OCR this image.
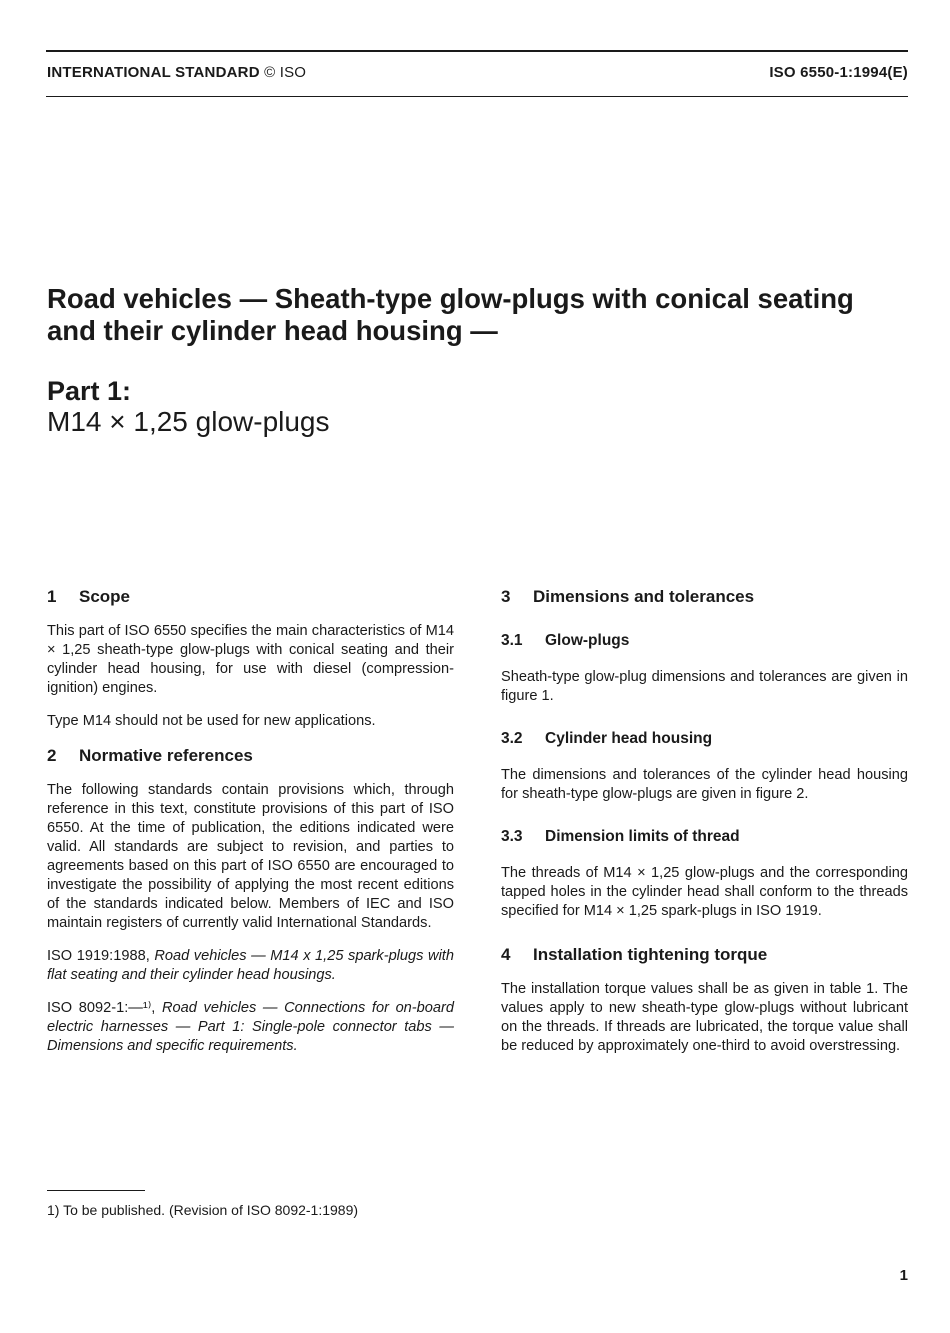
INTERNATIONAL STANDARD © ISO	ISO 6550-1:1994(E)
Road vehicles — Sheath-type glow-plugs with conical seating and their cylinder head housing —
Part 1:
M14 × 1,25 glow-plugs
1 Scope

This part of ISO 6550 specifies the main characteristics of M14 × 1,25 sheath-type glow-plugs with conical seating and their cylinder head housing, for use with diesel (compression-ignition) engines.

Type M14 should not be used for new applications.

2 Normative references

The following standards contain provisions which, through reference in this text, constitute provisions of this part of ISO 6550. At the time of publication, the editions indicated were valid. All standards are subject to revision, and parties to agreements based on this part of ISO 6550 are encouraged to investigate the possibility of applying the most recent editions of the standards indicated below. Members of IEC and ISO maintain registers of currently valid International Standards.

ISO 1919:1988, Road vehicles — M14 x 1,25 spark-plugs with flat seating and their cylinder head housings.

ISO 8092-1:—¹⁾, Road vehicles — Connections for on-board electric harnesses — Part 1: Single-pole connector tabs — Dimensions and specific requirements.

3 Dimensions and tolerances
3.1 Glow-plugs

Sheath-type glow-plug dimensions and tolerances are given in figure 1.

3.2 Cylinder head housing

The dimensions and tolerances of the cylinder head housing for sheath-type glow-plugs are given in figure 2.

3.3 Dimension limits of thread

The threads of M14 × 1,25 glow-plugs and the corresponding tapped holes in the cylinder head shall conform to the threads specified for M14 × 1,25 spark-plugs in ISO 1919.

4 Installation tightening torque

The installation torque values shall be as given in table 1. The values apply to new sheath-type glow-plugs without lubricant on the threads. If threads are lubricated, the torque value shall be reduced by approximately one-third to avoid overstressing.

1) To be published. (Revision of ISO 8092-1:1989)
1
